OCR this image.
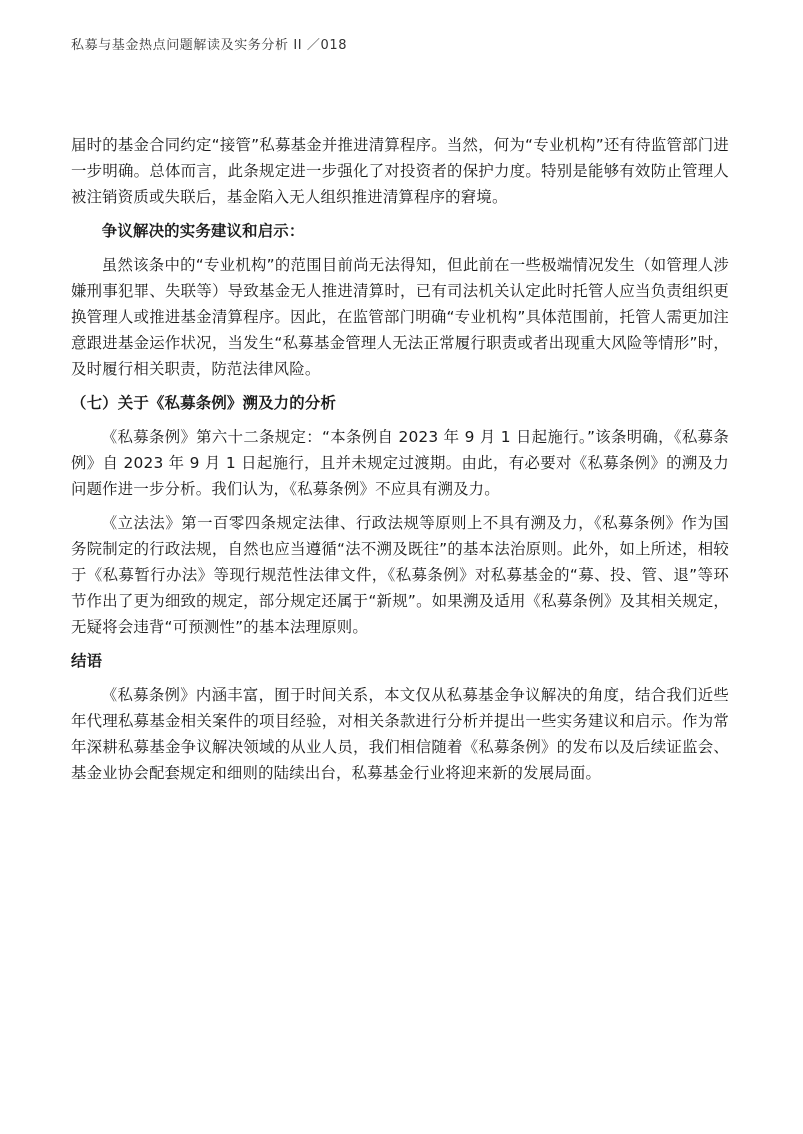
私募与基金热点问题解读及实务分析 II ／018

届时的基金合同约定“接管”私募基金并推进清算程序。当然，何为“专业机构”还有待监管部门进一步明确。总体而言，此条规定进一步强化了对投资者的保护力度。特别是能够有效防止管理人被注销资质或失联后，基金陷入无人组织推进清算程序的窘境。

争议解决的实务建议和启示：

虽然该条中的“专业机构”的范围目前尚无法得知，但此前在一些极端情况发生（如管理人涉嫌刑事犯罪、失联等）导致基金无人推进清算时，已有司法机关认定此时托管人应当负责组织更换管理人或推进基金清算程序。因此，在监管部门明确“专业机构”具体范围前，托管人需更加注意跟进基金运作状况，当发生“私募基金管理人无法正常履行职责或者出现重大风险等情形”时，及时履行相关职责，防范法律风险。

（七）关于《私募条例》溯及力的分析

《私募条例》第六十二条规定：“本条例自 2023 年 9 月 1 日起施行。”该条明确，《私募条例》自 2023 年 9 月 1 日起施行，且并未规定过渡期。由此，有必要对《私募条例》的溯及力问题作进一步分析。我们认为，《私募条例》不应具有溯及力。

《立法法》第一百零四条规定法律、行政法规等原则上不具有溯及力，《私募条例》作为国务院制定的行政法规，自然也应当遵循“法不溯及既往”的基本法治原则。此外，如上所述，相较于《私募暂行办法》等现行规范性法律文件，《私募条例》对私募基金的“募、投、管、退”等环节作出了更为细致的规定，部分规定还属于“新规”。如果溯及适用《私募条例》及其相关规定，无疑将会违背“可预测性”的基本法理原则。

结语

《私募条例》内涵丰富，囿于时间关系，本文仅从私募基金争议解决的角度，结合我们近些年代理私募基金相关案件的项目经验，对相关条款进行分析并提出一些实务建议和启示。作为常年深耕私募基金争议解决领域的从业人员，我们相信随着《私募条例》的发布以及后续证监会、基金业协会配套规定和细则的陆续出台，私募基金行业将迎来新的发展局面。
